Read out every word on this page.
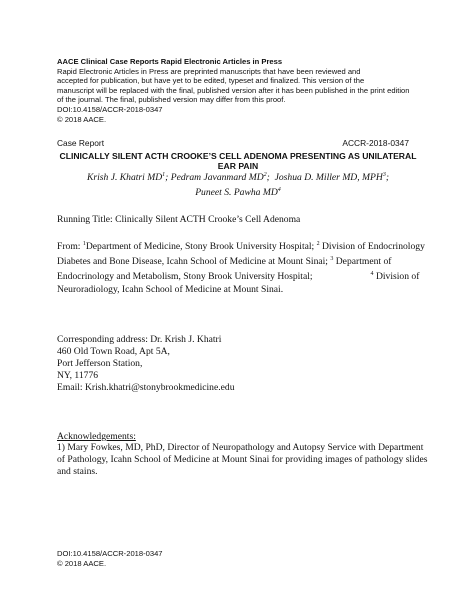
AACE Clinical Case Reports Rapid Electronic Articles in Press
Rapid Electronic Articles in Press are preprinted manuscripts that have been reviewed and
accepted for publication, but have yet to be edited, typeset and finalized. This version of the
manuscript will be replaced with the final, published version after it has been published in the print edition
of the journal. The final, published version may differ from this proof.
DOI:10.4158/ACCR-2018-0347
© 2018 AACE.
Case Report	ACCR-2018-0347
CLINICALLY SILENT ACTH CROOKE’S CELL ADENOMA PRESENTING AS UNILATERAL EAR PAIN
Krish J. Khatri $MD^1$; Pedram Javanmard $MD^2$;  Joshua D. Miller MD, MPH$^3$;
Puneet S. Pawha $MD^4$
Running Title: Clinically Silent ACTH Crooke’s Cell Adenoma
From: $^1$Department of Medicine, Stony Brook University Hospital; $^2$ Division of Endocrinology
Diabetes and Bone Disease, Icahn School of Medicine at Mount Sinai; $^3$ Department of
Endocrinology and Metabolism, Stony Brook University Hospital;	$^4$ Division of
Neuroradiology, Icahn School of Medicine at Mount Sinai.
Corresponding address: Dr. Krish J. Khatri
460 Old Town Road, Apt 5A,
Port Jefferson Station,
NY, 11776
Email: Krish.khatri@stonybrookmedicine.edu
Acknowledgements:
1) Mary Fowkes, MD, PhD, Director of Neuropathology and Autopsy Service with Department
of Pathology, Icahn School of Medicine at Mount Sinai for providing images of pathology slides
and stains.
DOI:10.4158/ACCR-2018-0347
© 2018 AACE.
